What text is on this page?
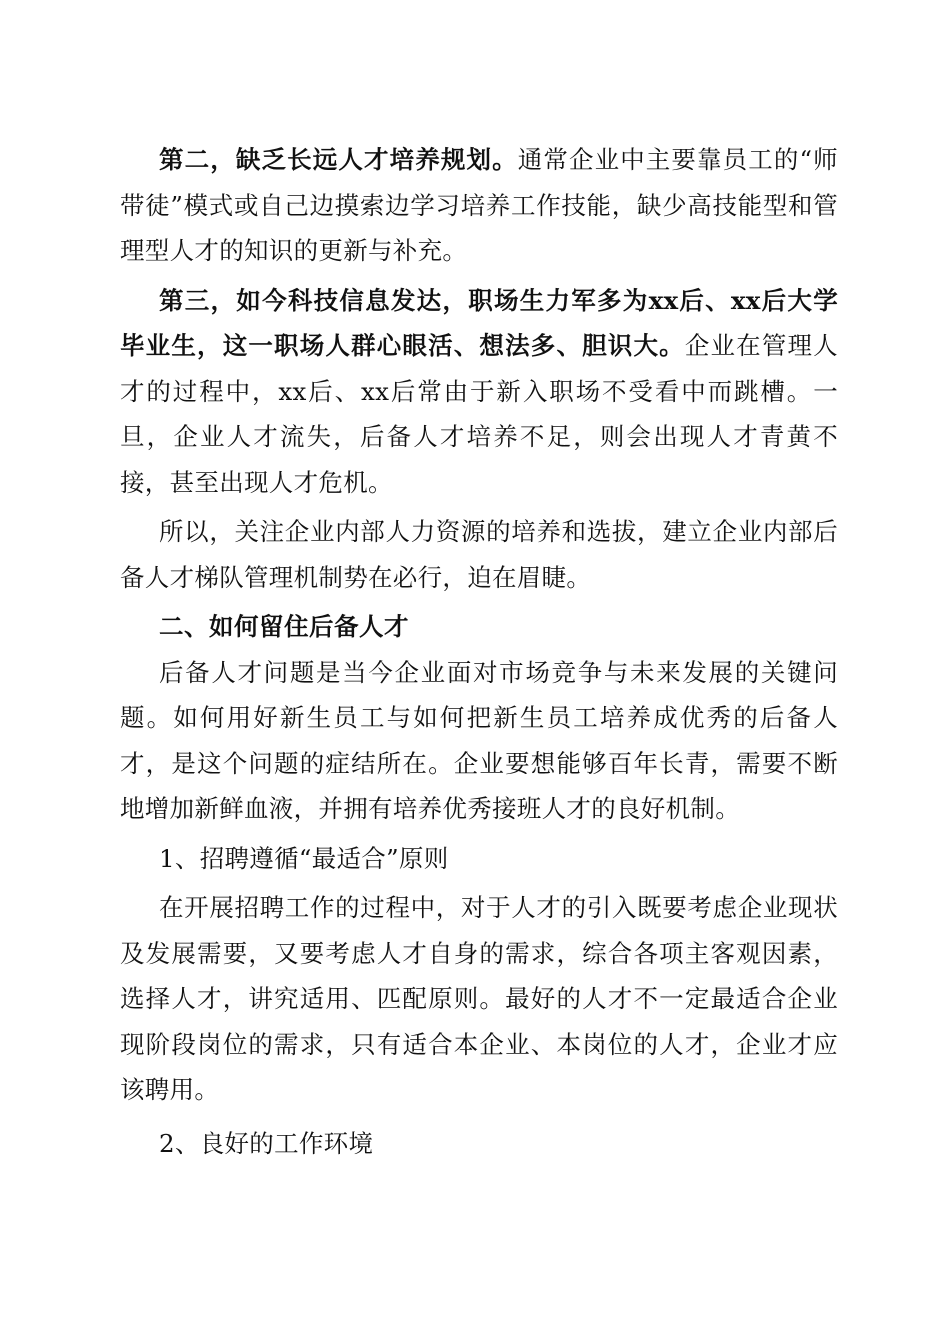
第二，缺乏长远人才培养规划。通常企业中主要靠员工的“师带徒”模式或自己边摸索边学习培养工作技能，缺少高技能型和管理型人才的知识的更新与补充。

第三，如今科技信息发达，职场生力军多为xx后、xx后大学毕业生，这一职场人群心眼活、想法多、胆识大。企业在管理人才的过程中，xx后、xx后常由于新入职场不受看中而跳槽。一旦，企业人才流失，后备人才培养不足，则会出现人才青黄不接，甚至出现人才危机。

所以，关注企业内部人力资源的培养和选拔，建立企业内部后备人才梯队管理机制势在必行，迫在眉睫。

二、如何留住后备人才

后备人才问题是当今企业面对市场竞争与未来发展的关键问题。如何用好新生员工与如何把新生员工培养成优秀的后备人才，是这个问题的症结所在。企业要想能够百年长青，需要不断地增加新鲜血液，并拥有培养优秀接班人才的良好机制。

1、招聘遵循“最适合”原则

在开展招聘工作的过程中，对于人才的引入既要考虑企业现状及发展需要，又要考虑人才自身的需求，综合各项主客观因素，选择人才，讲究适用、匹配原则。最好的人才不一定最适合企业现阶段岗位的需求，只有适合本企业、本岗位的人才，企业才应该聘用。

2、良好的工作环境
